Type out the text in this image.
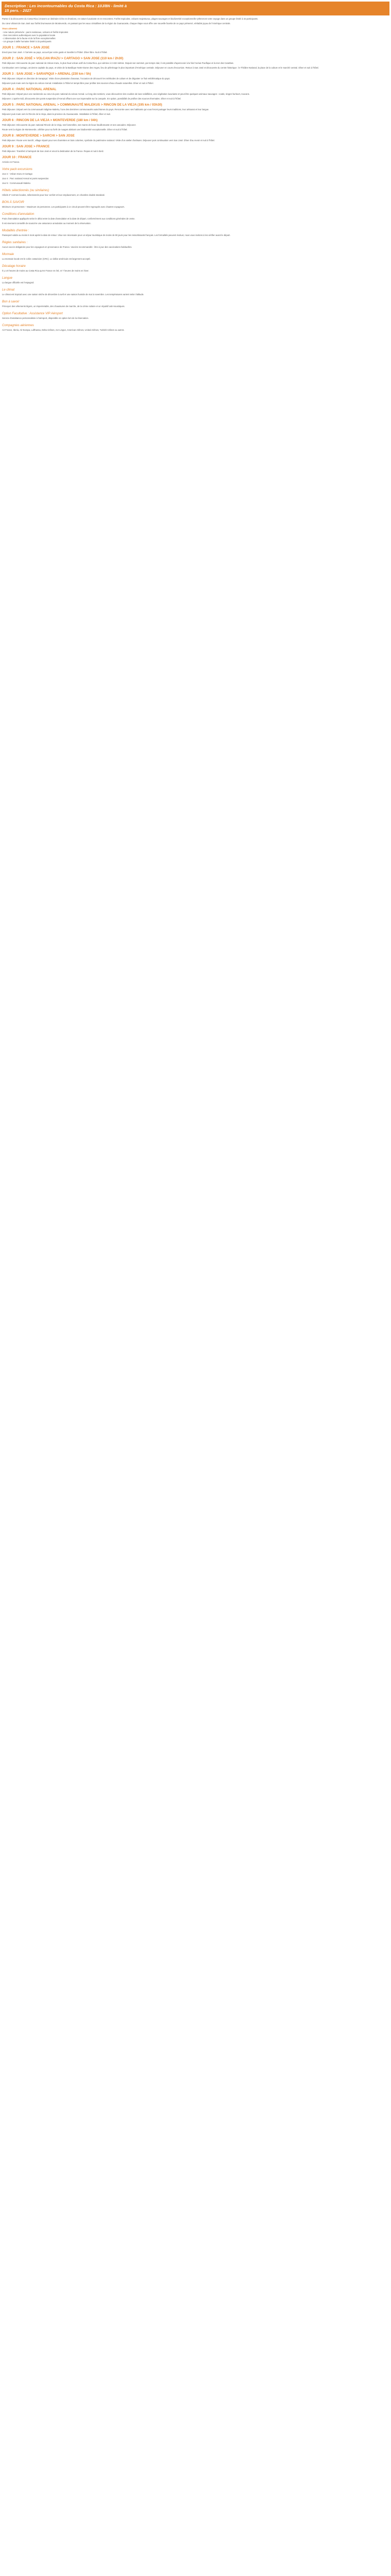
Description : Les incontournables du Costa Rica : 10J/8N - limité à
15 pers. - 2027

Partez à la découverte du Costa Rica à travers un itinéraire riche en émotions, en nature luxuriante et en rencontres. Forêts tropicales, volcans majestueux, plages sauvages et biodiversité exceptionnelle rythmeront votre voyage dans un groupe limité à 15 participants.

Du cœur vibrant de San José aux forêts brumeuses de Monteverde, en passant par les eaux cristallines de la région du Guanacaste, chaque étape vous offre une nouvelle facette de ce pays préservé, véritable joyau de l'Amérique centrale.

Vous aimerez
- Une nature préservée : parcs nationaux, volcans et forêts tropicales
- Des rencontres authentiques avec la population locale
- L'observation de la faune et de la flore exceptionnelles
- Un groupe à taille humaine limité à 15 participants
JOUR 1 : FRANCE > SAN JOSE

Envol pour San José. À l'arrivée au pays, accueil par votre guide et transfert à l'hôtel. Dîner libre. Nuit à l'hôtel.

JOUR 2 : SAN JOSÉ > VOLCAN IRAZU > CARTAGO > SAN JOSE (110 km / 2h30)

Petit déjeuner. Découverte du parc national du Volcan Irazu, le plus haut volcan actif du Costa Rica, qui culmine à 3 432 mètres. Depuis son sommet, par temps clair, il est possible d'apercevoir à la fois l'océan Pacifique et la mer des Caraïbes.

Continuation vers Cartago, ancienne capitale du pays, et visite de la Basilique Notre-Dame des Anges, lieu de pèlerinage le plus important d'Amérique centrale. Déjeuner en cours d'excursion. Retour à San José et découverte du centre historique : le Théâtre National, la place de la culture et le marché central. Dîner et nuit à l'hôtel.

JOUR 3 : SAN JOSE > SARAPIQUI > ARENAL (230 km / 5h)

Petit déjeuner. Départ en direction de Sarapiquí. Visite d'une plantation d'ananas, l'occasion de découvrir les méthodes de culture et de déguster ce fruit emblématique du pays.

Déjeuner puis route vers la région du volcan Arenal. Installation à l'hôtel et temps libre pour profiter des sources d'eau chaude naturelles. Dîner et nuit à l'hôtel.

JOUR 4 : PARC NATIONAL ARENAL

Petit déjeuner. Départ pour une randonnée au cœur du parc national du volcan Arenal. Le long des sentiers, vous découvrirez des coulées de lave solidifiées, une végétation luxuriante et peut-être quelques animaux sauvages : coatis, singes hurleurs, toucans.

Déjeuner. L'après-midi, découverte des ponts suspendus d'Arenal offrant une vue imprenable sur la canopée. En option, possibilité de profiter des sources thermales. Dîner et nuit à l'hôtel.

JOUR 5 : PARC NATIONAL ARENAL > COMMUNAUTÉ MALEKUS > RINCON DE LA VIEJA (195 km / 03h30)

Petit déjeuner. Départ vers la communauté indigène Maleku, l'une des dernières communautés autochtones du pays. Rencontre avec ses habitants qui vous feront partager leurs traditions, leur artisanat et leur langue.

Déjeuner puis route vers le Rincón de la Vieja, dans la province du Guanacaste. Installation à l'hôtel, dîner et nuit.

JOUR 6 : RINCON DE LA VIEJA > MONTEVERDE (180 km / 04h)

Petit déjeuner. Découverte du parc national Rincón de la Vieja, ses fumerolles, ses mares de boue bouillonnante et ses cascades. Déjeuner.

Route vers la région de Monteverde, célèbre pour sa forêt de nuages abritant une biodiversité exceptionnelle. Dîner et nuit à l'hôtel.

JOUR 8 : MONTEVERDE > SARCHI > SAN JOSE

Petit déjeuner. Route vers Sarchí, village réputé pour ses charrettes en bois colorées, symbole du patrimoine national. Visite d'un atelier d'artisans. Déjeuner puis continuation vers San José. Dîner d'au revoir et nuit à l'hôtel.

JOUR 9 : SAN JOSE > FRANCE

Petit déjeuner. Transfert à l'aéroport de San José et envol à destination de la France. Repas et nuit à bord.

JOUR 10 : FRANCE

Arrivée en France.

Votre pack excursions

Jour 2 : Volcan Irazu et Cartago

Jour 4 : Parc national Arenal et ponts suspendus

Jour 5 : Communauté Maleku

Hôtels sélectionnés (ou similaires)

Hôtels 3* normes locales, sélectionnés pour leur confort et leur emplacement, en chambre double standard.

BON À SAVOIR

Minimum 10 personnes – Maximum 15 personnes. Les participants à ce circuit peuvent être regroupés avec d'autres voyageurs.

Conditions d'annulation

Frais d'annulation appliqués selon le délai entre la date d'annulation et la date de départ, conformément aux conditions générales de vente.

Il est vivement conseillé de souscrire une assurance annulation au moment de la réservation.

Modalités d'entrée :

Passeport valide au moins 6 mois après la date de retour. Visa non nécessaire pour un séjour touristique de moins de 90 jours pour les ressortissants français. Les formalités peuvent évoluer, nous vous invitons à les vérifier avant le départ.

Règles sanitaires :

Aucun vaccin obligatoire pour les voyageurs en provenance de France. Vaccins recommandés : être à jour des vaccinations habituelles.

Monnaie

La monnaie locale est le colón costaricien (CRC). Le dollar américain est largement accepté.

Décalage horaire

Il y a 8 heures de moins au Costa Rica qu'en France en été, et 7 heures de moins en hiver.

Langue

La langue officielle est l'espagnol.

Le climat

Le climat est tropical avec une saison sèche de décembre à avril et une saison humide de mai à novembre. Les températures varient selon l'altitude.

Bon à savoir

Prévoyez des vêtements légers, un imperméable, des chaussures de marche, de la crème solaire et un répulsif anti-moustiques.

Option Facultative : Assistance VIP Aéroport

Service d'assistance personnalisée à l'aéroport, disponible en option lors de la réservation.

Compagnies aériennes

Air France, Iberia, Air Europa, Lufthansa, Delta Airlines, Aer Lingus, American Airlines, United Airlines, Turkish Airlines ou autres.
